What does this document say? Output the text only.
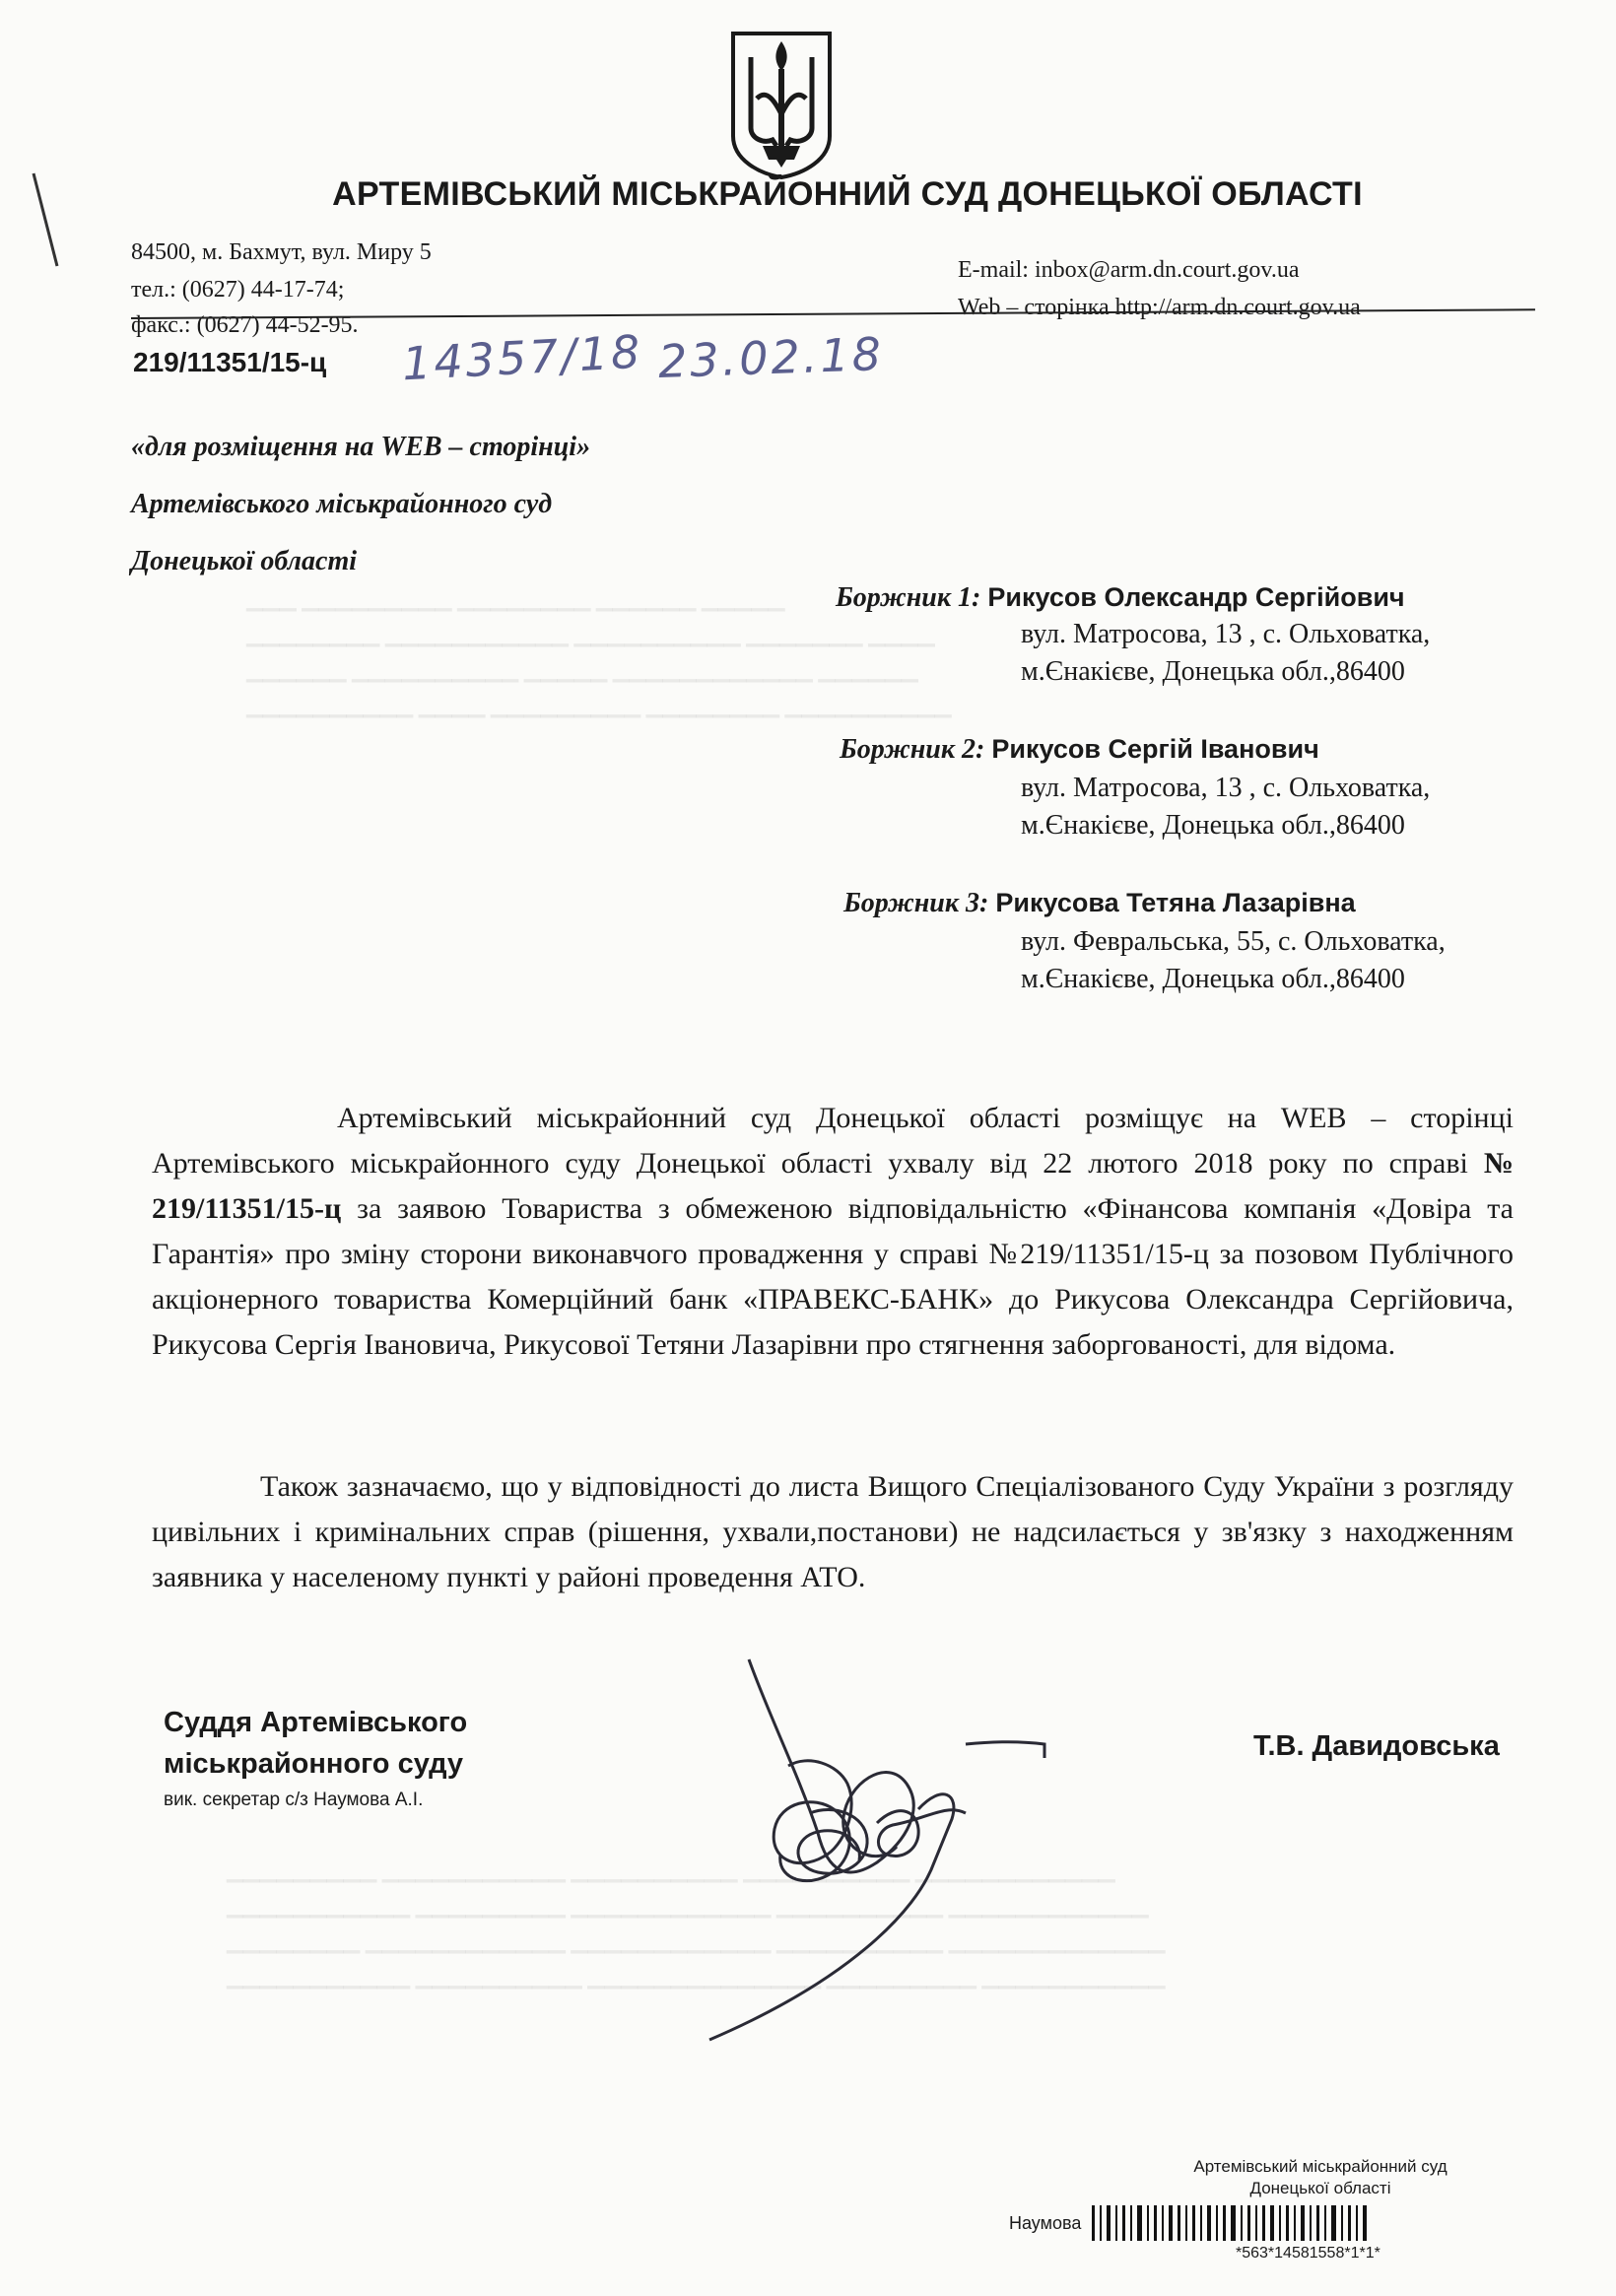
▁▁▁ ▁▁▁▁▁▁▁▁▁ ▁▁▁▁▁▁▁▁ ▁▁▁▁▁▁ ▁▁▁▁▁
▁▁▁▁▁▁▁▁ ▁▁▁▁▁▁▁▁▁▁▁ ▁▁▁▁▁▁▁▁▁▁ ▁▁▁▁▁▁▁ ▁▁▁▁
▁▁▁▁▁▁ ▁▁▁▁▁▁▁▁▁▁ ▁▁▁▁▁ ▁▁▁▁▁▁▁▁▁▁▁▁ ▁▁▁▁▁▁
▁▁▁▁▁▁▁▁▁▁ ▁▁▁▁ ▁▁▁▁▁▁▁▁▁ ▁▁▁▁▁▁▁▁ ▁▁▁▁▁▁▁▁▁▁
▁▁▁▁▁▁▁▁▁ ▁▁▁▁▁▁▁▁▁▁▁ ▁▁▁▁▁▁▁▁▁▁ ▁▁▁▁▁▁▁▁▁▁ ▁▁▁▁▁▁▁▁▁▁▁▁
▁▁▁▁▁▁▁▁▁▁▁ ▁▁▁▁▁▁▁▁▁ ▁▁▁▁▁▁▁▁▁▁▁▁ ▁▁▁▁▁▁▁▁▁▁ ▁▁▁▁▁▁▁▁▁▁▁▁
▁▁▁▁▁▁▁▁ ▁▁▁▁▁▁▁▁▁▁▁▁ ▁▁▁▁▁▁▁▁▁▁▁▁ ▁▁▁▁▁▁▁▁▁▁ ▁▁▁▁▁▁▁▁▁▁▁▁▁
▁▁▁▁▁▁▁▁▁▁▁ ▁▁▁▁▁▁▁▁▁▁ ▁▁▁▁▁▁▁▁▁▁▁▁▁▁ ▁▁▁▁▁▁▁▁▁ ▁▁▁▁▁▁▁▁▁▁▁
АРТЕМІВСЬКИЙ МІСЬКРАЙОННИЙ СУД ДОНЕЦЬКОЇ ОБЛАСТІ
84500, м. Бахмут, вул. Миру 5
тел.: (0627) 44-17-74;
факс.: (0627) 44-52-95.
E-mail: inbox@arm.dn.court.gov.ua
Web – сторінка http://arm.dn.court.gov.ua
219/11351/15-ц 14357/18 23.02.18
«для розміщення на WEB – сторінці»
Артемівського міськрайонного суд
Донецької області
Боржник 1: Рикусов Олександр Сергійович
вул. Матросова, 13 , с. Ольховатка,
м.Єнакієве, Донецька обл.,86400
Боржник 2: Рикусов Сергій Іванович
вул. Матросова, 13 , с. Ольховатка,
м.Єнакієве, Донецька обл.,86400
Боржник 3: Рикусова Тетяна Лазарівна
вул. Февральська, 55, с. Ольховатка,
м.Єнакієве, Донецька обл.,86400
Артемівський міськрайонний суд Донецької області розміщує на WEB – сторінці Артемівського міськрайонного суду Донецької області ухвалу від 22 лютого 2018 року по справі № 219/11351/15-ц за заявою Товариства з обмеженою відповідальністю «Фінансова компанія «Довіра та Гарантія» про зміну сторони виконавчого провадження у справі №219/11351/15-ц за позовом Публічного акціонерного товариства Комерційний банк «ПРАВЕКС-БАНК» до Рикусова Олександра Сергійовича, Рикусова Сергія Івановича, Рикусової Тетяни Лазарівни про стягнення заборгованості, для відома.
Також зазначаємо, що у відповідності до листа Вищого Спеціалізованого Суду України з розгляду цивільних і кримінальних справ (рішення, ухвали,постанови) не надсилається у зв'язку з находженням заявника у населеному пункті у районі проведення АТО.
Суддя Артемівського
міськрайонного суду
вик. секретар с/з Наумова А.І.
Т.В. Давидовська
Артемівський міськрайонний суд
Донецької області
Наумова
*563*14581558*1*1*
